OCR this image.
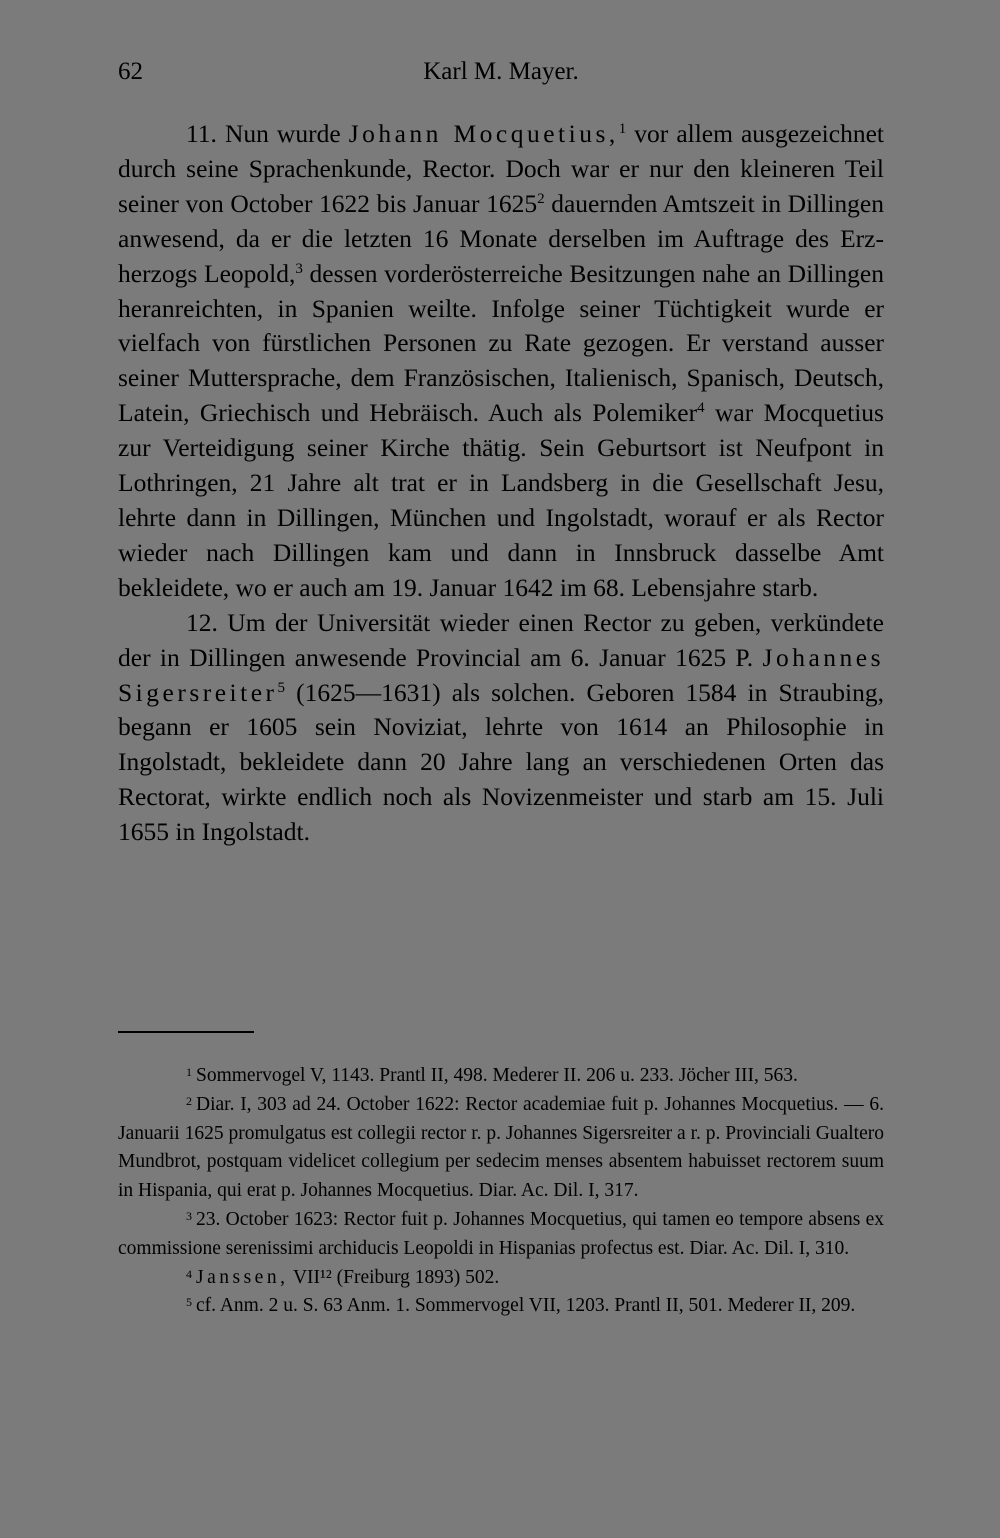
62	Karl M. Mayer.

11. Nun wurde Johann Mocquetius,$^1$ vor allem ausgezeichnet durch seine Sprachenkunde, Rector. Doch war er nur den kleineren Teil seiner von October 1622 bis Januar 1625$^2$ dauernden Amtszeit in Dillingen anwesend, da er die letzten 16 Monate derselben im Auftrage des Erzherzogs Leopold,$^3$ dessen vorderösterreiche Besitzungen nahe an Dillingen heranreichten, in Spanien weilte. Infolge seiner Tüchtigkeit wurde er vielfach von fürstlichen Personen zu Rate gezogen. Er verstand ausser seiner Muttersprache, dem Französischen, Italienisch, Spanisch, Deutsch, Latein, Griechisch und Hebräisch. Auch als Polemiker$^4$ war Mocquetius zur Verteidigung seiner Kirche thätig. Sein Geburtsort ist Neufpont in Lothringen, 21 Jahre alt trat er in Landsberg in die Gesellschaft Jesu, lehrte dann in Dillingen, München und Ingolstadt, worauf er als Rector wieder nach Dillingen kam und dann in Innsbruck dasselbe Amt bekleidete, wo er auch am 19. Januar 1642 im 68. Lebensjahre starb.

12. Um der Universität wieder einen Rector zu geben, verkündete der in Dillingen anwesende Provincial am 6. Januar 1625 P. Johannes Sigersreiter$^5$ (1625—1631) als solchen. Geboren 1584 in Straubing, begann er 1605 sein Noviziat, lehrte von 1614 an Philosophie in Ingolstadt, bekleidete dann 20 Jahre lang an verschiedenen Orten das Rectorat, wirkte endlich noch als Novizenmeister und starb am 15. Juli 1655 in Ingolstadt.

$^1$ Sommervogel V, 1143. Prantl II, 498. Mederer II. 206 u. 233. Jöcher III, 563.

$^2$ Diar. I, 303 ad 24. October 1622: Rector academiae fuit p. Johannes Mocquetius. — 6. Januarii 1625 promulgatus est collegii rector r. p. Johannes Sigersreiter a r. p. Provinciali Gualtero Mundbrot, postquam videlicet collegium per sedecim menses absentem habuisset rectorem suum in Hispania, qui erat p. Johannes Mocquetius. Diar. Ac. Dil. I, 317.

$^3$ 23. October 1623: Rector fuit p. Johannes Mocquetius, qui tamen eo tempore absens ex commissione serenissimi archiducis Leopoldi in Hispanias profectus est. Diar. Ac. Dil. I, 310.

$^4$ Janssen, VII¹² (Freiburg 1893) 502.

$^5$ cf. Anm. 2 u. S. 63 Anm. 1. Sommervogel VII, 1203. Prantl II, 501. Mederer II, 209.
